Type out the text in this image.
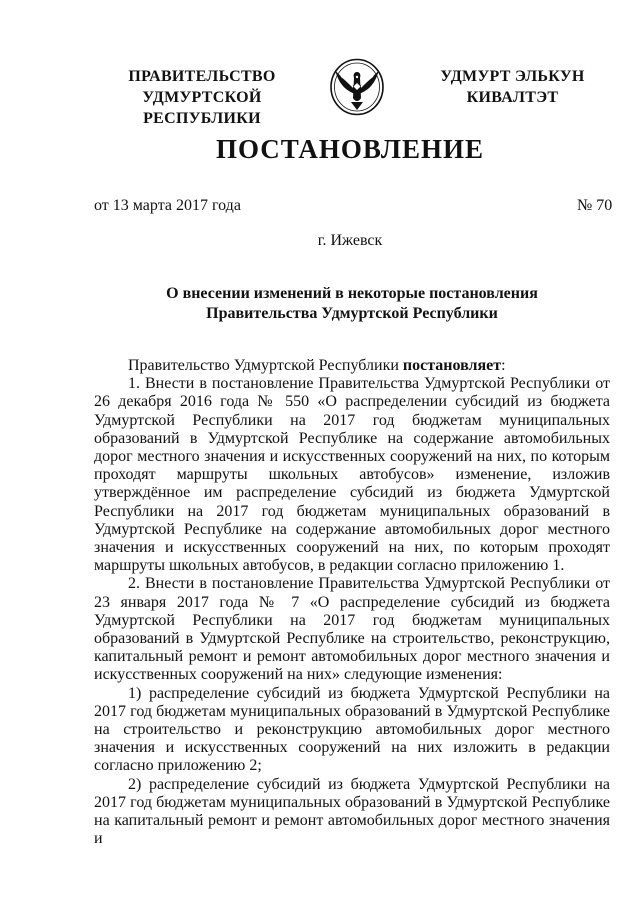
ПРАВИТЕЛЬСТВО
УДМУРТСКОЙ РЕСПУБЛИКИ
УДМУРТ ЭЛЬКУН
КИВАЛТЭТ
ПОСТАНОВЛЕНИЕ
от 13 марта 2017 года	№ 70
г. Ижевск
О внесении изменений в некоторые постановления
Правительства Удмуртской Республики

Правительство Удмуртской Республики постановляет:

1. Внести в постановление Правительства Удмуртской Республики от 26 декабря 2016 года № 550 «О распределении субсидий из бюджета Удмуртской Республики на 2017 год бюджетам муниципальных образований в Удмуртской Республике на содержание автомобильных дорог местного значения и искусственных сооружений на них, по которым проходят маршруты школьных автобусов» изменение, изложив утверждённое им распределение субсидий из бюджета Удмуртской Республики на 2017 год бюджетам муниципальных образований в Удмуртской Республике на содержание автомобильных дорог местного значения и искусственных сооружений на них, по которым проходят маршруты школьных автобусов, в редакции согласно приложению 1.

2. Внести в постановление Правительства Удмуртской Республики от 23 января 2017 года № 7 «О распределение субсидий из бюджета Удмуртской Республики на 2017 год бюджетам муниципальных образований в Удмуртской Республике на строительство, реконструкцию, капитальный ремонт и ремонт автомобильных дорог местного значения и искусственных сооружений на них» следующие изменения:

1) распределение субсидий из бюджета Удмуртской Республики на 2017 год бюджетам муниципальных образований в Удмуртской Республике на строительство и реконструкцию автомобильных дорог местного значения и искусственных сооружений на них изложить в редакции согласно приложению 2;

2) распределение субсидий из бюджета Удмуртской Республики на 2017 год бюджетам муниципальных образований в Удмуртской Республике на капитальный ремонт и ремонт автомобильных дорог местного значения и
